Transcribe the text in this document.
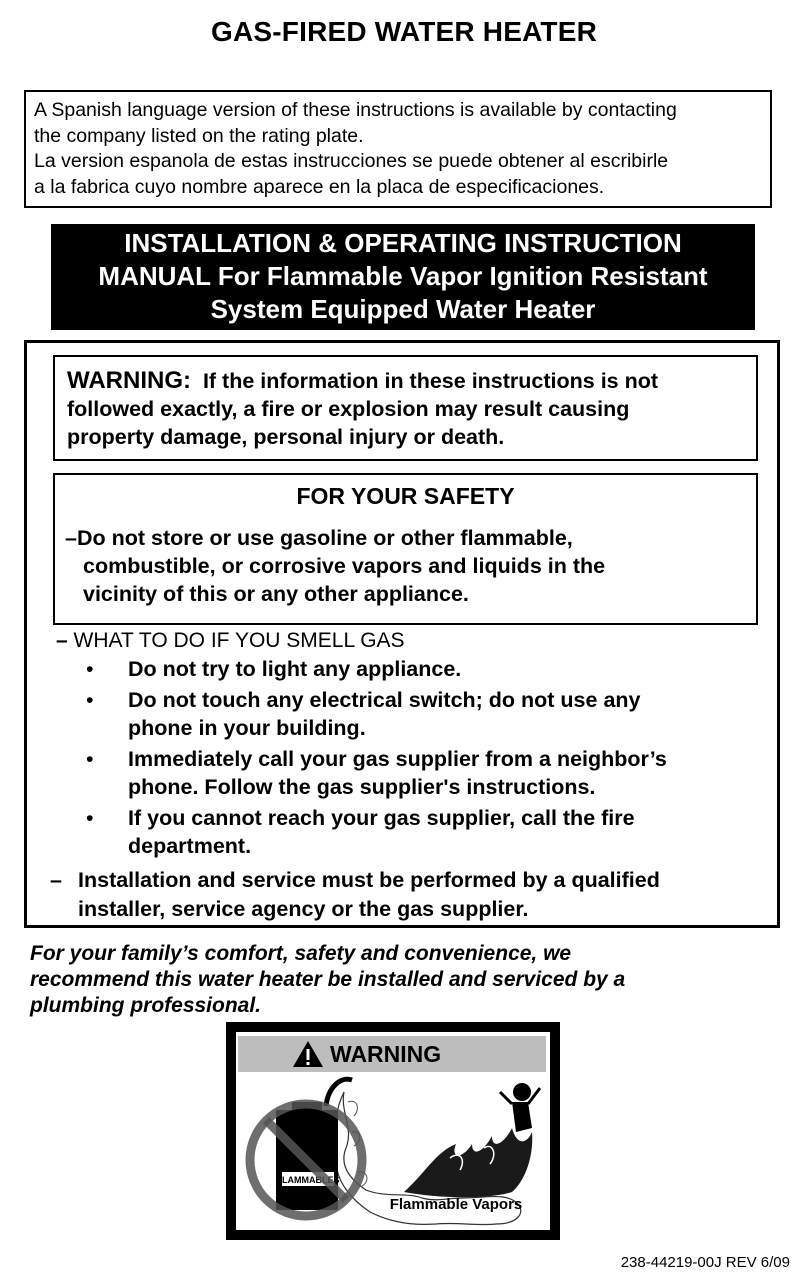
GAS-FIRED WATER HEATER
A Spanish language version of these instructions is available by contacting
the company listed on the rating plate.
La version espanola de estas instrucciones se puede obtener al escribirle
a la fabrica cuyo nombre aparece en la placa de especificaciones.
INSTALLATION & OPERATING INSTRUCTION
MANUAL For Flammable Vapor Ignition Resistant
System Equipped Water Heater
WARNING: If the information in these instructions is not
followed exactly, a fire or explosion may result causing
property damage, personal injury or death.
FOR YOUR SAFETY
–Do not store or use gasoline or other flammable,
combustible, or corrosive vapors and liquids in the
vicinity of this or any other appliance.
– WHAT TO DO IF YOU SMELL GAS
• Do not try to light any appliance.
• Do not touch any electrical switch; do not use any
phone in your building.
• Immediately call your gas supplier from a neighbor’s
phone. Follow the gas supplier's instructions.
• If you cannot reach your gas supplier, call the fire
department.
– Installation and service must be performed by a qualified
installer, service agency or the gas supplier.
For your family’s comfort, safety and convenience, we
recommend this water heater be installed and serviced by a
plumbing professional.
WARNING
FLAMMABLES
Flammable Vapors
238-44219-00J REV 6/09
